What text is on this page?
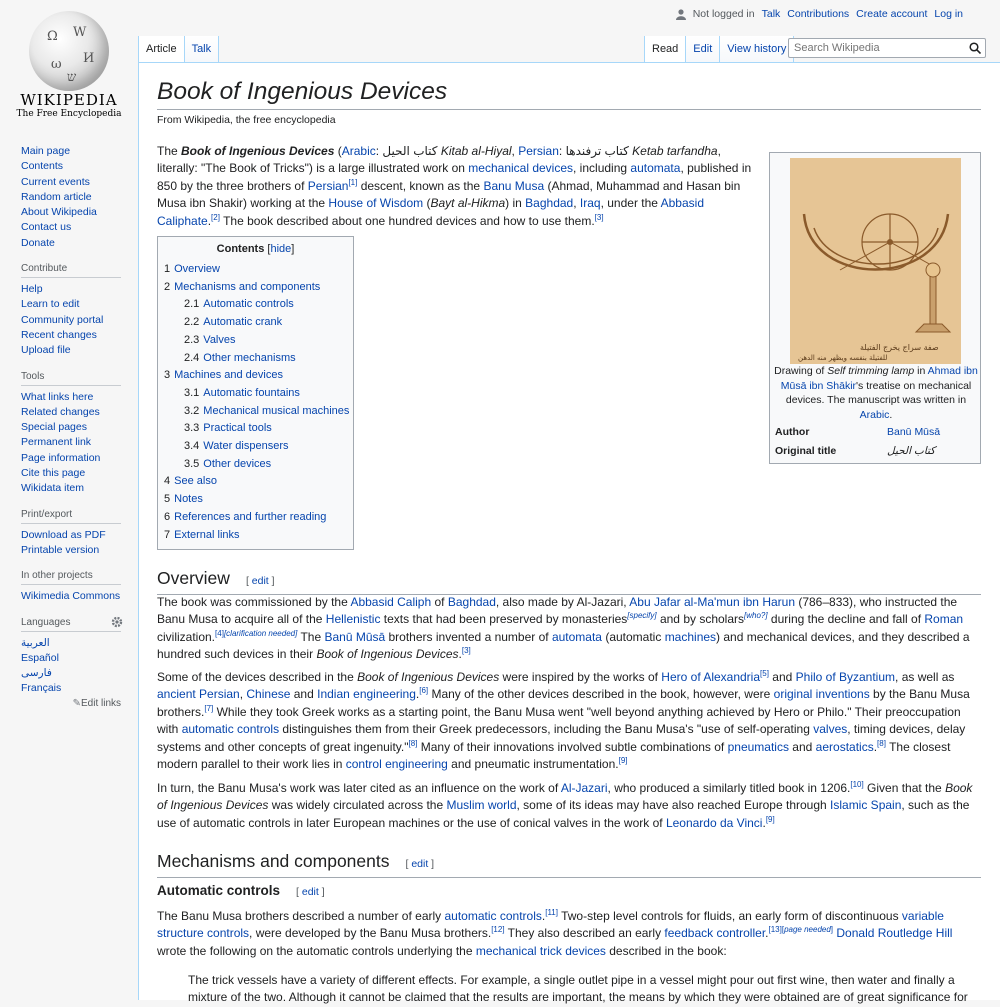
Ω W
И
ω
ש
WIKIPEDIA
The Free Encyclopedia
Not logged in Talk Contributions Create account Log in
Article	Talk	Read	Edit	View history
Search Wikipedia
Main page
Contents
Current events
Random article
About Wikipedia
Contact us
Donate
Contribute
Help
Learn to edit
Community portal
Recent changes
Upload file
Tools
What links here
Related changes
Special pages
Permanent link
Page information
Cite this page
Wikidata item
Print/export
Download as PDF
Printable version
In other projects
Wikimedia Commons
Languages
العربية
Español
فارسی
Français
✎Edit links
Book of Ingenious Devices
From Wikipedia, the free encyclopedia
The Book of Ingenious Devices (Arabic: كتاب الحيل Kitab al-Hiyal, Persian: كتاب ترفندها Ketab tarfandha, literally: "The Book of Tricks") is a large illustrated work on mechanical devices, including automata, published in 850 by the three brothers of Persian[1] descent, known as the Banu Musa (Ahmad, Muhammad and Hasan bin Musa ibn Shakir) working at the House of Wisdom (Bayt al-Hikma) in Baghdad, Iraq, under the Abbasid Caliphate.[2] The book described about one hundred devices and how to use them.[3]
صفة سراج يخرج الفتيلة
للفتيلة بنفسه ويظهر منه الدهن
Drawing of Self trimming lamp in Ahmad ibn Mūsā ibn Shākir's treatise on mechanical devices. The manuscript was written in Arabic.
Author	Banū Mūsā
Original title	كتاب الحيل
Contents [hide]
1 Overview
2 Mechanisms and components
2.1 Automatic controls
2.2 Automatic crank
2.3 Valves
2.4 Other mechanisms
3 Machines and devices
3.1 Automatic fountains
3.2 Mechanical musical machines
3.3 Practical tools
3.4 Water dispensers
3.5 Other devices
4 See also
5 Notes
6 References and further reading
7 External links
Overview [ edit ]
The book was commissioned by the Abbasid Caliph of Baghdad, also made by Al-Jazari, Abu Jafar al-Ma'mun ibn Harun (786–833), who instructed the Banu Musa to acquire all of the Hellenistic texts that had been preserved by monasteries[specify] and by scholars[who?] during the decline and fall of Roman civilization.[4][clarification needed] The Banū Mūsā brothers invented a number of automata (automatic machines) and mechanical devices, and they described a hundred such devices in their Book of Ingenious Devices.[3]
Some of the devices described in the Book of Ingenious Devices were inspired by the works of Hero of Alexandria[5] and Philo of Byzantium, as well as ancient Persian, Chinese and Indian engineering.[6] Many of the other devices described in the book, however, were original inventions by the Banu Musa brothers.[7] While they took Greek works as a starting point, the Banu Musa went "well beyond anything achieved by Hero or Philo." Their preoccupation with automatic controls distinguishes them from their Greek predecessors, including the Banu Musa's "use of self-operating valves, timing devices, delay systems and other concepts of great ingenuity."[8] Many of their innovations involved subtle combinations of pneumatics and aerostatics.[8] The closest modern parallel to their work lies in control engineering and pneumatic instrumentation.[9]
In turn, the Banu Musa's work was later cited as an influence on the work of Al-Jazari, who produced a similarly titled book in 1206.[10] Given that the Book of Ingenious Devices was widely circulated across the Muslim world, some of its ideas may have also reached Europe through Islamic Spain, such as the use of automatic controls in later European machines or the use of conical valves in the work of Leonardo da Vinci.[9]
Mechanisms and components [ edit ]
Automatic controls [ edit ]
The Banu Musa brothers described a number of early automatic controls.[11] Two-step level controls for fluids, an early form of discontinuous variable structure controls, were developed by the Banu Musa brothers.[12] They also described an early feedback controller.[13][page needed] Donald Routledge Hill wrote the following on the automatic controls underlying the mechanical trick devices described in the book:
The trick vessels have a variety of different effects. For example, a single outlet pipe in a vessel might pour out first wine, then water and finally a mixture of the two. Although it cannot be claimed that the results are important, the means by which they were obtained are of great significance for
